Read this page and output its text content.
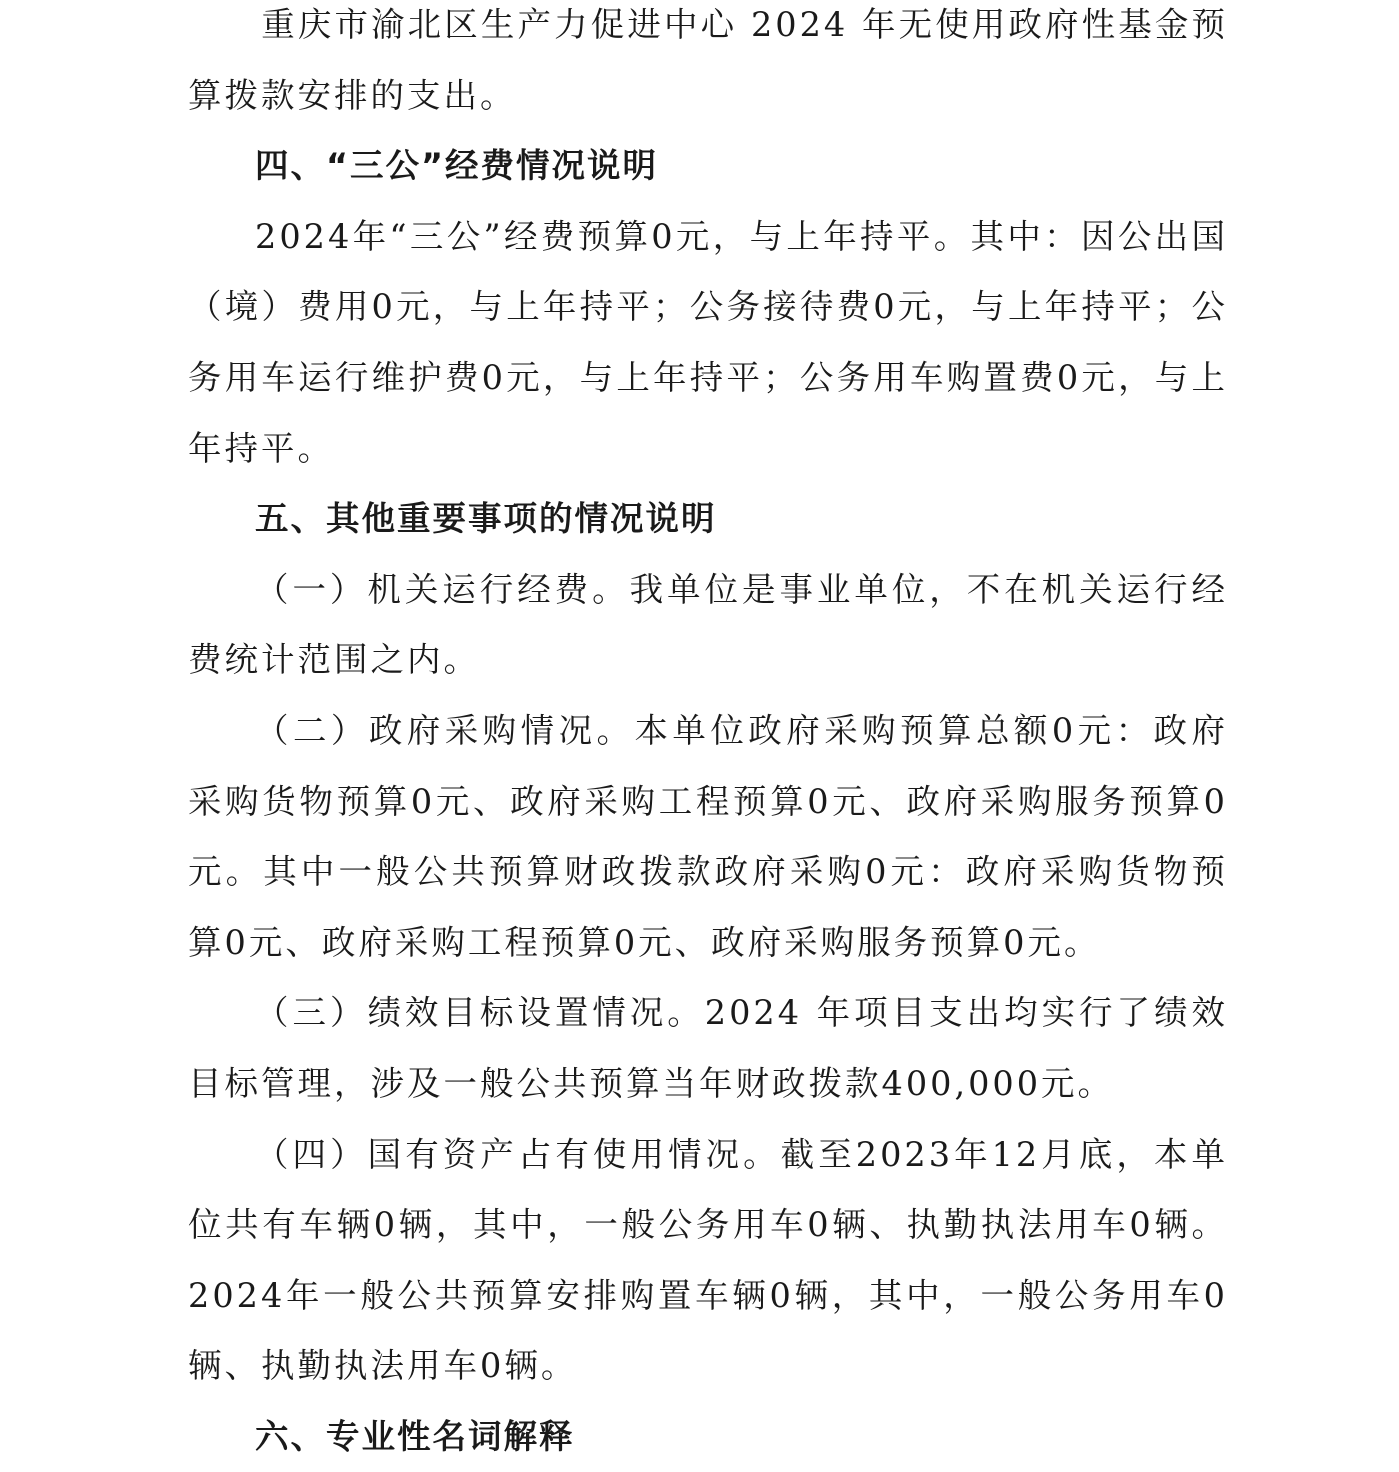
　　重庆市渝北区生产力促进中心 2024 年无使用政府性基金预算拨款安排的支出。

四、“三公”经费情况说明

2024年“三公”经费预算0元，与上年持平。其中：因公出国（境）费用0元，与上年持平；公务接待费0元，与上年持平；公务用车运行维护费0元，与上年持平；公务用车购置费0元，与上年持平。

五、其他重要事项的情况说明

（一）机关运行经费。我单位是事业单位，不在机关运行经费统计范围之内。

（二）政府采购情况。本单位政府采购预算总额0元：政府采购货物预算0元、政府采购工程预算0元、政府采购服务预算0元。其中一般公共预算财政拨款政府采购0元：政府采购货物预算0元、政府采购工程预算0元、政府采购服务预算0元。

（三）绩效目标设置情况。2024 年项目支出均实行了绩效目标管理，涉及一般公共预算当年财政拨款400,000元。

（四）国有资产占有使用情况。截至2023年12月底，本单位共有车辆0辆，其中，一般公务用车0辆、执勤执法用车0辆。2024年一般公共预算安排购置车辆0辆，其中，一般公务用车0辆、执勤执法用车0辆。

六、专业性名词解释
